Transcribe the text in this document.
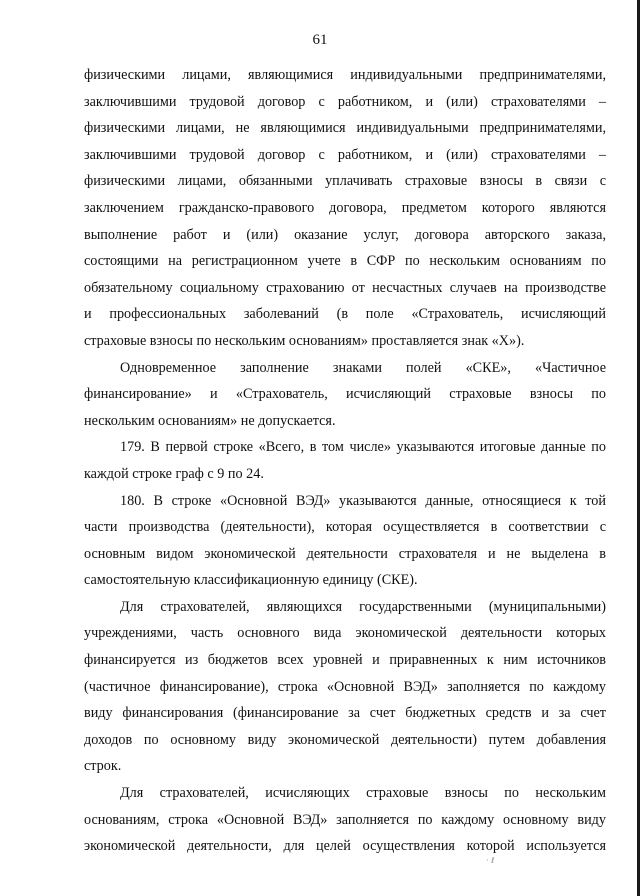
61
физическими лицами, являющимися индивидуальными предпринимателями,
заключившими трудовой договор с работником, и (или) страхователями –
физическими лицами, не являющимися индивидуальными предпринимателями,
заключившими трудовой договор с работником, и (или) страхователями –
физическими лицами, обязанными уплачивать страховые взносы в связи с
заключением гражданско-правового договора, предметом которого являются
выполнение работ и (или) оказание услуг, договора авторского заказа,
состоящими на регистрационном учете в СФР по нескольким основаниям по
обязательному социальному страхованию от несчастных случаев на производстве
и профессиональных заболеваний (в поле «Страхователь, исчисляющий
страховые взносы по нескольким основаниям» проставляется знак «Х»).
Одновременное заполнение знаками полей «СКЕ», «Частичное
финансирование» и «Страхователь, исчисляющий страховые взносы по
нескольким основаниям» не допускается.
179. В первой строке «Всего, в том числе» указываются итоговые данные по
каждой строке граф с 9 по 24.
180. В строке «Основной ВЭД» указываются данные, относящиеся к той
части производства (деятельности), которая осуществляется в соответствии с
основным видом экономической деятельности страхователя и не выделена в
самостоятельную классификационную единицу (СКЕ).
Для страхователей, являющихся государственными (муниципальными)
учреждениями, часть основного вида экономической деятельности которых
финансируется из бюджетов всех уровней и приравненных к ним источников
(частичное финансирование), строка «Основной ВЭД» заполняется по каждому
виду финансирования (финансирование за счет бюджетных средств и за счет
доходов по основному виду экономической деятельности) путем добавления
строк.
Для страхователей, исчисляющих страховые взносы по нескольким
основаниям, строка «Основной ВЭД» заполняется по каждому основному виду
экономической деятельности, для целей осуществления которой используется
· ℓ
